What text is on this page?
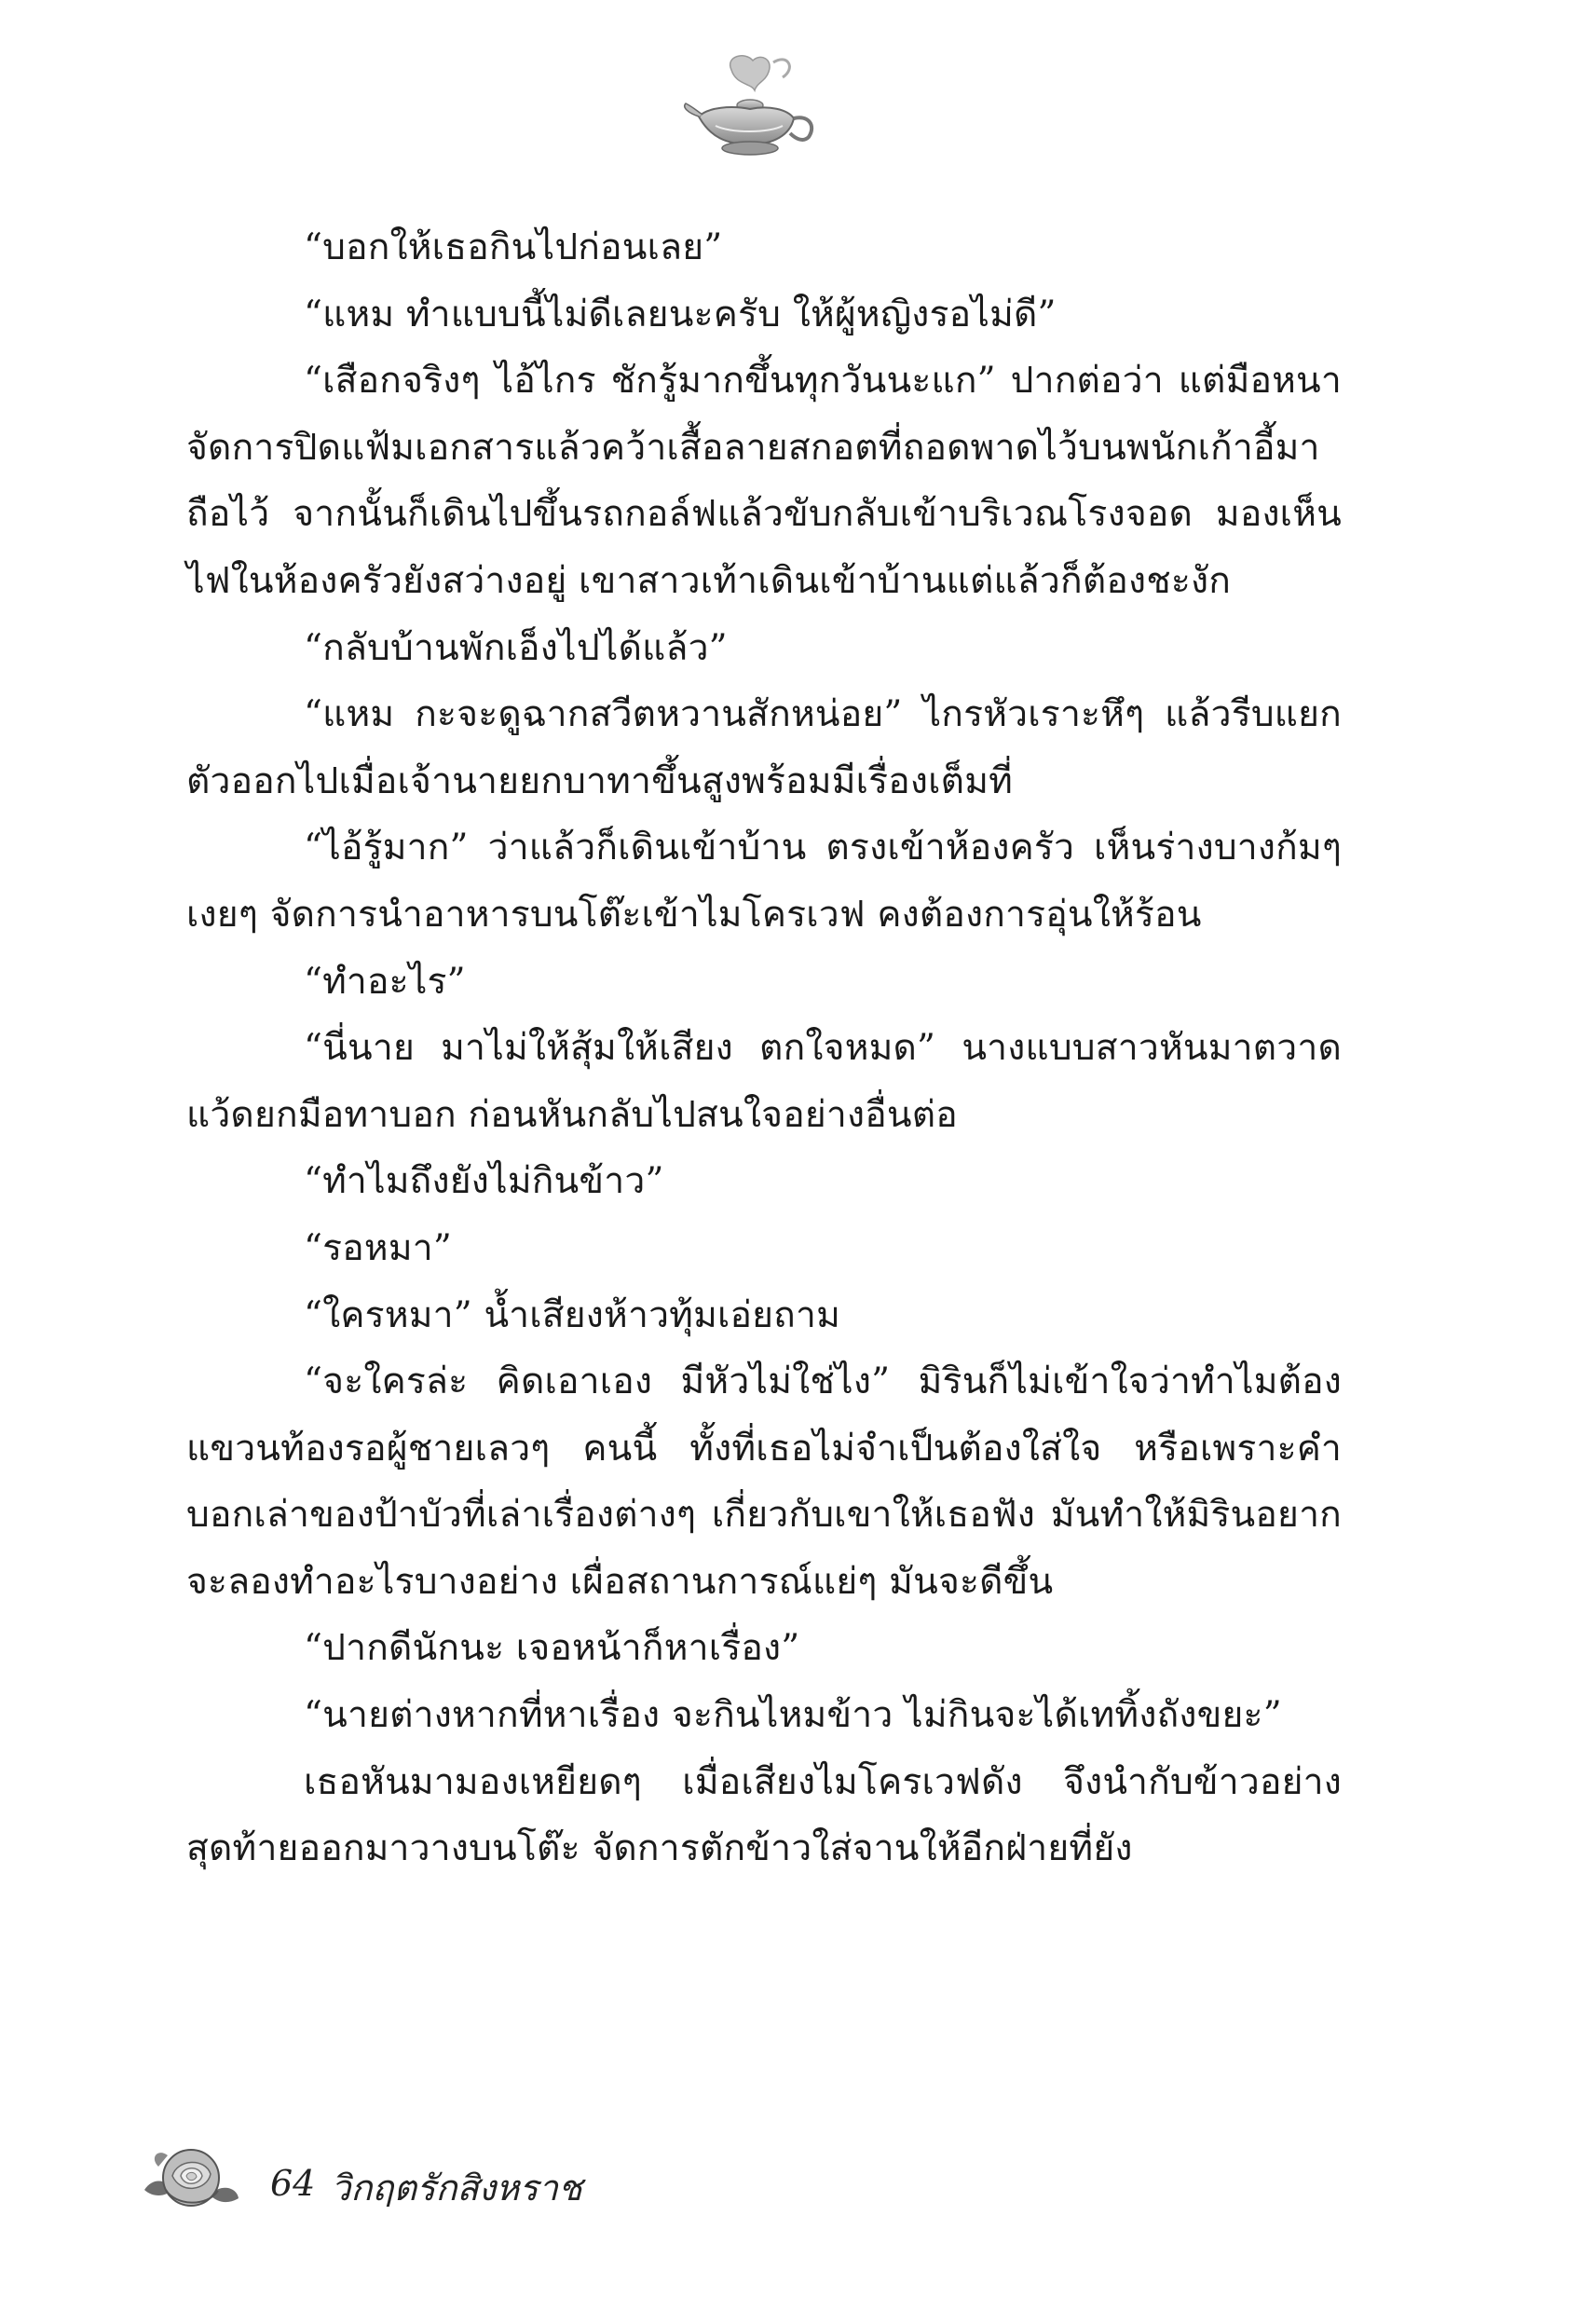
“บอกให้เธอกินไปก่อนเลย”

“แหม ทำแบบนี้ไม่ดีเลยนะครับ ให้ผู้หญิงรอไม่ดี”

“เสือกจริงๆ ไอ้ไกร ชักรู้มากขึ้นทุกวันนะแก” ปากต่อว่า แต่มือหนาจัดการปิดแฟ้มเอกสารแล้วคว้าเสื้อลายสกอตที่ถอดพาดไว้บนพนักเก้าอี้มาถือไว้ จากนั้นก็เดินไปขึ้นรถกอล์ฟแล้วขับกลับเข้าบริเวณโรงจอด มองเห็นไฟในห้องครัวยังสว่างอยู่ เขาสาวเท้าเดินเข้าบ้านแต่แล้วก็ต้องชะงัก

“กลับบ้านพักเอ็งไปได้แล้ว”

“แหม กะจะดูฉากสวีตหวานสักหน่อย” ไกรหัวเราะหึๆ แล้วรีบแยกตัวออกไปเมื่อเจ้านายยกบาทาขึ้นสูงพร้อมมีเรื่องเต็มที่

“ไอ้รู้มาก” ว่าแล้วก็เดินเข้าบ้าน ตรงเข้าห้องครัว เห็นร่างบางก้มๆ เงยๆ จัดการนำอาหารบนโต๊ะเข้าไมโครเวฟ คงต้องการอุ่นให้ร้อน

“ทำอะไร”

“นี่นาย มาไม่ให้สุ้มให้เสียง ตกใจหมด” นางแบบสาวหันมาตวาดแว้ดยกมือทาบอก ก่อนหันกลับไปสนใจอย่างอื่นต่อ

“ทำไมถึงยังไม่กินข้าว”

“รอหมา”

“ใครหมา” น้ำเสียงห้าวทุ้มเอ่ยถาม

“จะใครล่ะ คิดเอาเอง มีหัวไม่ใช่ไง” มิรินก็ไม่เข้าใจว่าทำไมต้องแขวนท้องรอผู้ชายเลวๆ คนนี้ ทั้งที่เธอไม่จำเป็นต้องใส่ใจ หรือเพราะคำบอกเล่าของป้าบัวที่เล่าเรื่องต่างๆ เกี่ยวกับเขาให้เธอฟัง มันทำให้มิรินอยากจะลองทำอะไรบางอย่าง เผื่อสถานการณ์แย่ๆ มันจะดีขึ้น

“ปากดีนักนะ เจอหน้าก็หาเรื่อง”

“นายต่างหากที่หาเรื่อง จะกินไหมข้าว ไม่กินจะได้เททิ้งถังขยะ”

เธอหันมามองเหยียดๆ เมื่อเสียงไมโครเวฟดัง จึงนำกับข้าวอย่างสุดท้ายออกมาวางบนโต๊ะ จัดการตักข้าวใส่จานให้อีกฝ่ายที่ยัง

64 วิกฤตรักสิงหราช
